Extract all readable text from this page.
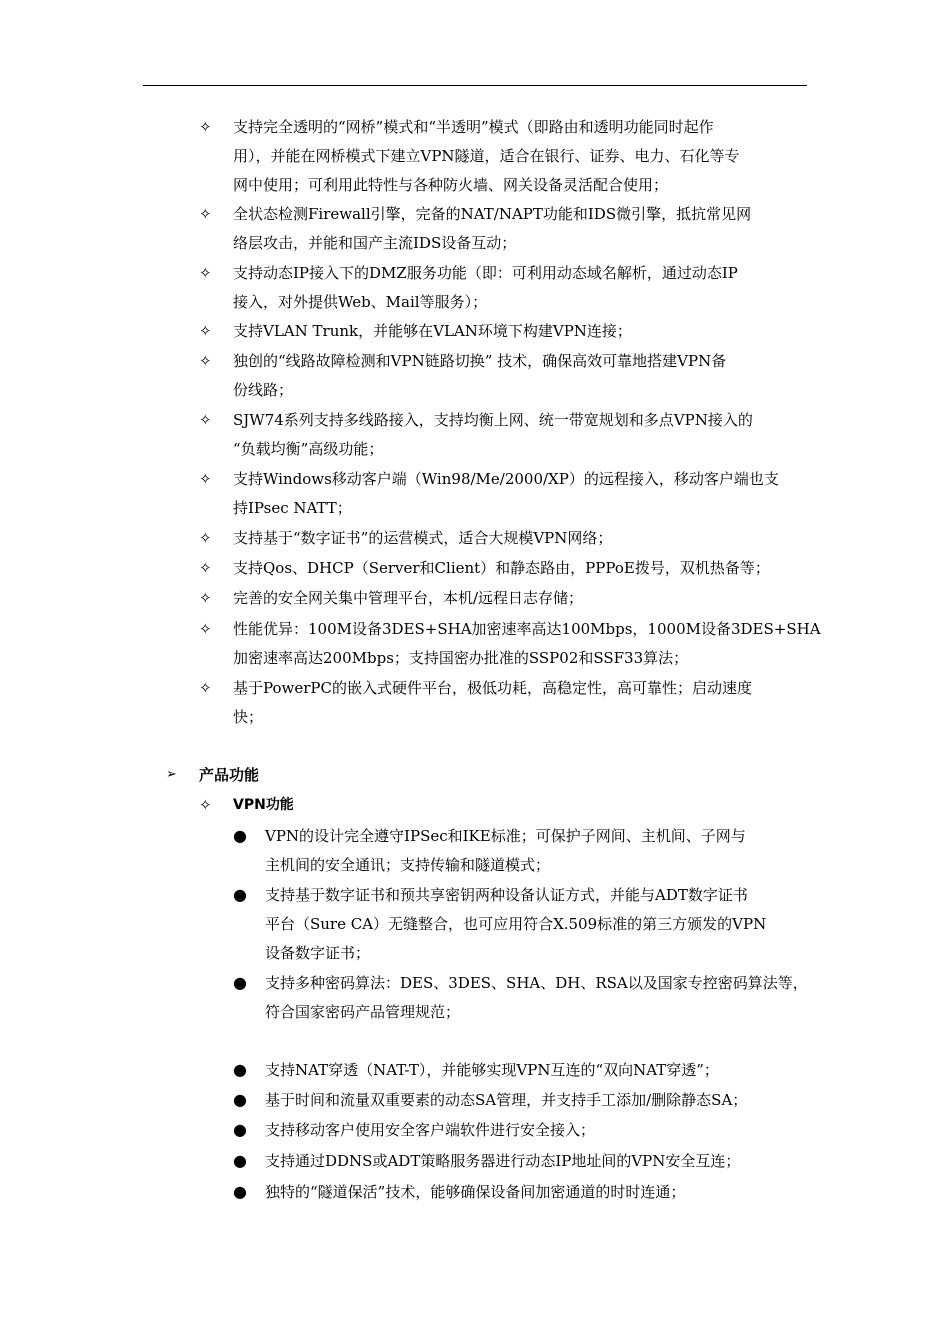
✧ 支持完全透明的“网桥”模式和“半透明”模式（即路由和透明功能同时起作
用），并能在网桥模式下建立VPN隧道，适合在银行、证券、电力、石化等专
网中使用；可利用此特性与各种防火墙、网关设备灵活配合使用；
✧ 全状态检测Firewall引擎，完备的NAT/NAPT功能和IDS微引擎，抵抗常见网
络层攻击，并能和国产主流IDS设备互动；
✧ 支持动态IP接入下的DMZ服务功能（即：可利用动态域名解析，通过动态IP
接入，对外提供Web、Mail等服务）；
✧ 支持VLAN Trunk，并能够在VLAN环境下构建VPN连接；
✧ 独创的“线路故障检测和VPN链路切换” 技术，确保高效可靠地搭建VPN备
份线路；
✧ SJW74系列支持多线路接入，支持均衡上网、统一带宽规划和多点VPN接入的
“负载均衡”高级功能；
✧ 支持Windows移动客户端（Win98/Me/2000/XP）的远程接入，移动客户端也支
持IPsec NATT；
✧ 支持基于“数字证书”的运营模式，适合大规模VPN网络；
✧ 支持Qos、DHCP（Server和Client）和静态路由，PPPoE拨号，双机热备等；
✧ 完善的安全网关集中管理平台，本机/远程日志存储；
✧ 性能优异：100M设备3DES+SHA加密速率高达100Mbps，1000M设备3DES+SHA
加密速率高达200Mbps；支持国密办批准的SSP02和SSF33算法；
✧ 基于PowerPC的嵌入式硬件平台，极低功耗，高稳定性，高可靠性；启动速度
快；
➢ 产品功能
✧ VPN功能
● VPN的设计完全遵守IPSec和IKE标准；可保护子网间、主机间、子网与
主机间的安全通讯；支持传输和隧道模式；
● 支持基于数字证书和预共享密钥两种设备认证方式，并能与ADT数字证书
平台（Sure CA）无缝整合，也可应用符合X.509标准的第三方颁发的VPN
设备数字证书；
● 支持多种密码算法：DES、3DES、SHA、DH、RSA以及国家专控密码算法等，
符合国家密码产品管理规范；
● 支持NAT穿透（NAT-T），并能够实现VPN互连的“双向NAT穿透”；
● 基于时间和流量双重要素的动态SA管理，并支持手工添加/删除静态SA；
● 支持移动客户使用安全客户端软件进行安全接入；
● 支持通过DDNS或ADT策略服务器进行动态IP地址间的VPN安全互连；
● 独特的“隧道保活”技术，能够确保设备间加密通道的时时连通；
